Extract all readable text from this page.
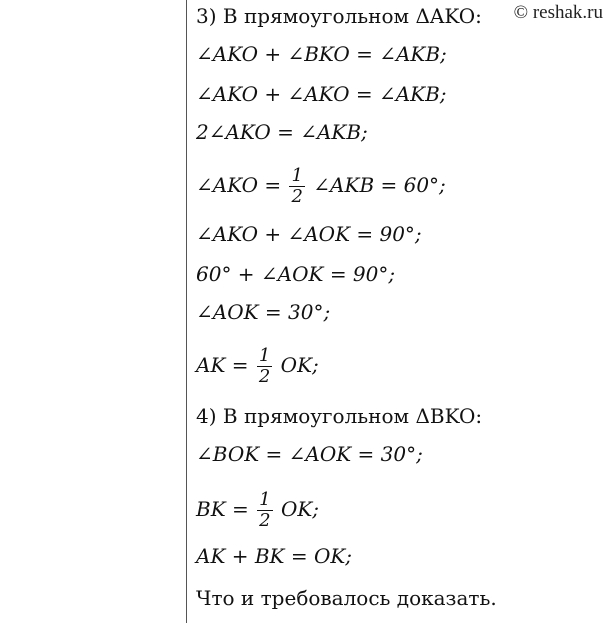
© reshak.ru
3) В прямоугольном ΔAKO:
∠AKO + ∠BKO = ∠AKB;
∠AKO + ∠AKO = ∠AKB;
2∠AKO = ∠AKB;
∠AKO = $\frac{1}{2}$ ∠AKB = 60°;
∠AKO + ∠AOK = 90°;
60° + ∠AOK = 90°;
∠AOK = 30°;
AK = $\frac{1}{2}$ OK;
4) В прямоугольном ΔBKO:
∠BOK = ∠AOK = 30°;
BK = $\frac{1}{2}$ OK;
AK + BK = OK;
Что и требовалось доказать.
